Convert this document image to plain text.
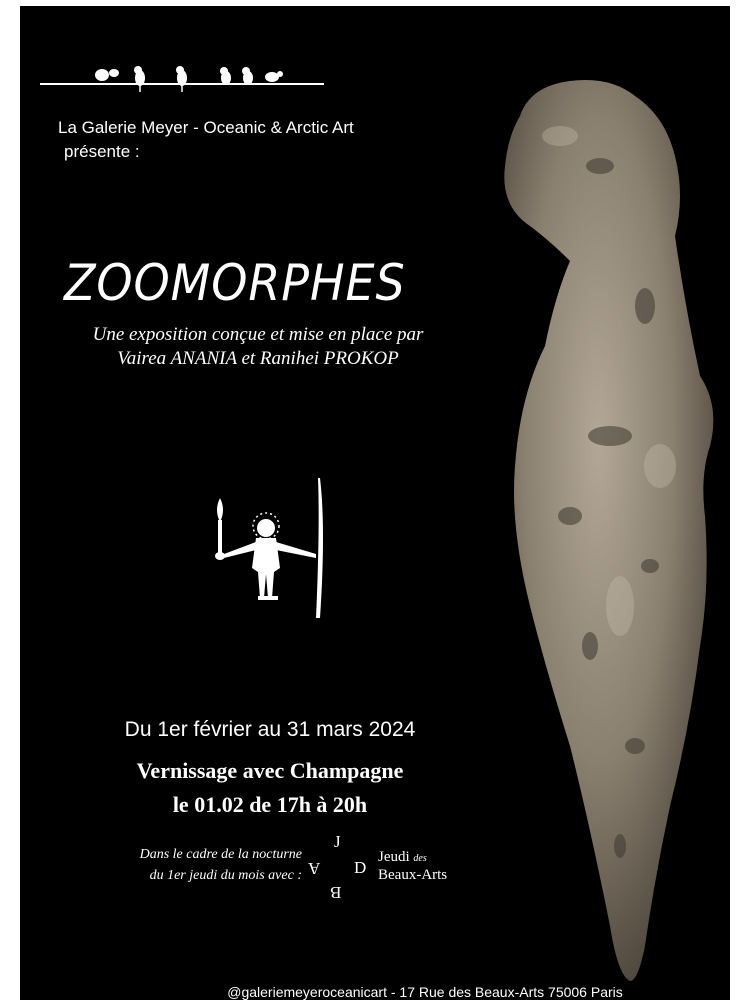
La Galerie Meyer - Oceanic & Arctic Art
présente :
ZOOMORPHES
Une exposition conçue et mise en place par
Vairea ANANIA et Ranihei PROKOP
Du 1er février au 31 mars 2024
Vernissage avec Champagne
le 01.02 de 17h à 20h
Dans le cadre de la nocturne
du 1er jeudi du mois avec :
J
A D
B
Jeudi des
Beaux-Arts
@galeriemeyeroceanicart - 17 Rue des Beaux-Arts 75006 Paris
